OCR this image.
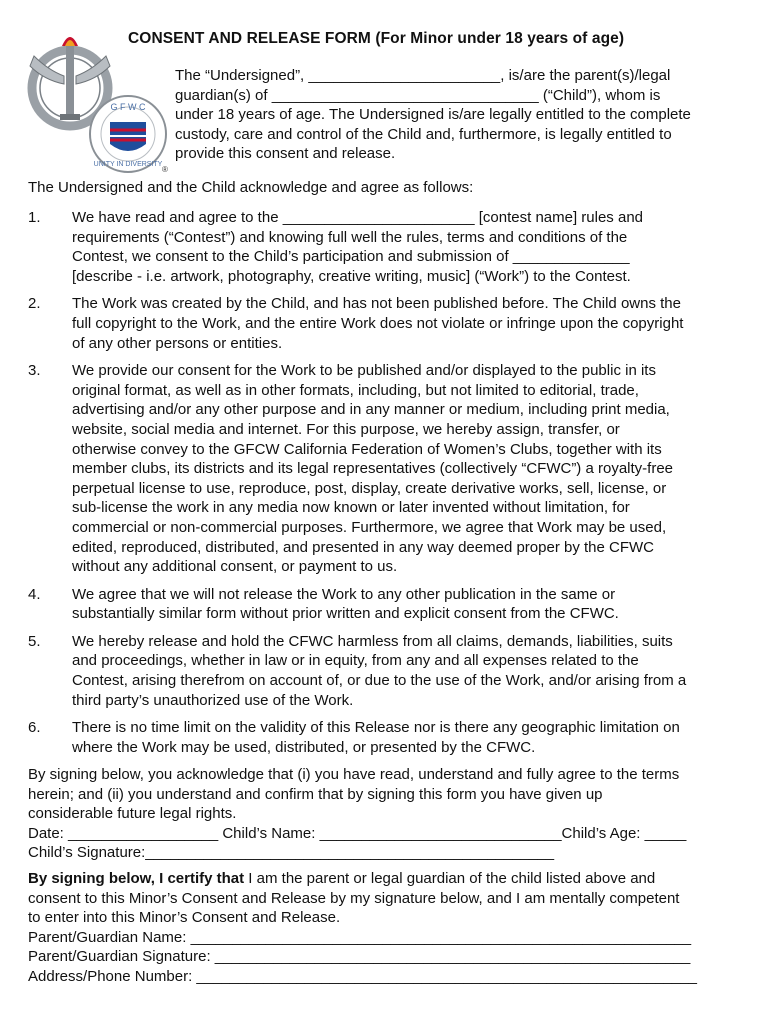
G F W C
UNITY IN DIVERSITY
®
CONSENT AND RELEASE FORM (For Minor under 18 years of age)
The “Undersigned”, _______________________, is/are the parent(s)/legal
guardian(s) of ________________________________ (“Child”), whom is
under 18 years of age. The Undersigned is/are legally entitled to the complete
custody, care and control of the Child and, furthermore, is legally entitled to
provide this consent and release.
The Undersigned and the Child acknowledge and agree as follows:
1.	We have read and agree to the _______________________ [contest name] rules and
requirements (“Contest”) and knowing full well the rules, terms and conditions of the
Contest, we consent to the Child’s participation and submission of ______________
[describe - i.e. artwork, photography, creative writing, music] (“Work”) to the Contest.
2.	The Work was created by the Child, and has not been published before. The Child owns the
full copyright to the Work, and the entire Work does not violate or infringe upon the copyright
of any other persons or entities.
3.	We provide our consent for the Work to be published and/or displayed to the public in its
original format, as well as in other formats, including, but not limited to editorial, trade,
advertising and/or any other purpose and in any manner or medium, including print media,
website, social media and internet. For this purpose, we hereby assign, transfer, or
otherwise convey to the GFCW California Federation of Women’s Clubs, together with its
member clubs, its districts and its legal representatives (collectively “CFWC”) a royalty-free
perpetual license to use, reproduce, post, display, create derivative works, sell, license, or
sub-license the work in any media now known or later invented without limitation, for
commercial or non-commercial purposes. Furthermore, we agree that Work may be used,
edited, reproduced, distributed, and presented in any way deemed proper by the CFWC
without any additional consent, or payment to us.
4.	We agree that we will not release the Work to any other publication in the same or
substantially similar form without prior written and explicit consent from the CFWC.
5.	We hereby release and hold the CFWC harmless from all claims, demands, liabilities, suits
and proceedings, whether in law or in equity, from any and all expenses related to the
Contest, arising therefrom on account of, or due to the use of the Work, and/or arising from a
third party’s unauthorized use of the Work.
6.	There is no time limit on the validity of this Release nor is there any geographic limitation on
where the Work may be used, distributed, or presented by the CFWC.
By signing below, you acknowledge that (i) you have read, understand and fully agree to the terms
herein; and (ii) you understand and confirm that by signing this form you have given up
considerable future legal rights.
Date: __________________ Child’s Name: _____________________________Child’s Age: _____
Child’s Signature:_________________________________________________
By signing below, I certify that I am the parent or legal guardian of the child listed above and
consent to this Minor’s Consent and Release by my signature below, and I am mentally competent
to enter into this Minor’s Consent and Release.
Parent/Guardian Name: ____________________________________________________________
Parent/Guardian Signature: _________________________________________________________
Address/Phone Number: ____________________________________________________________
